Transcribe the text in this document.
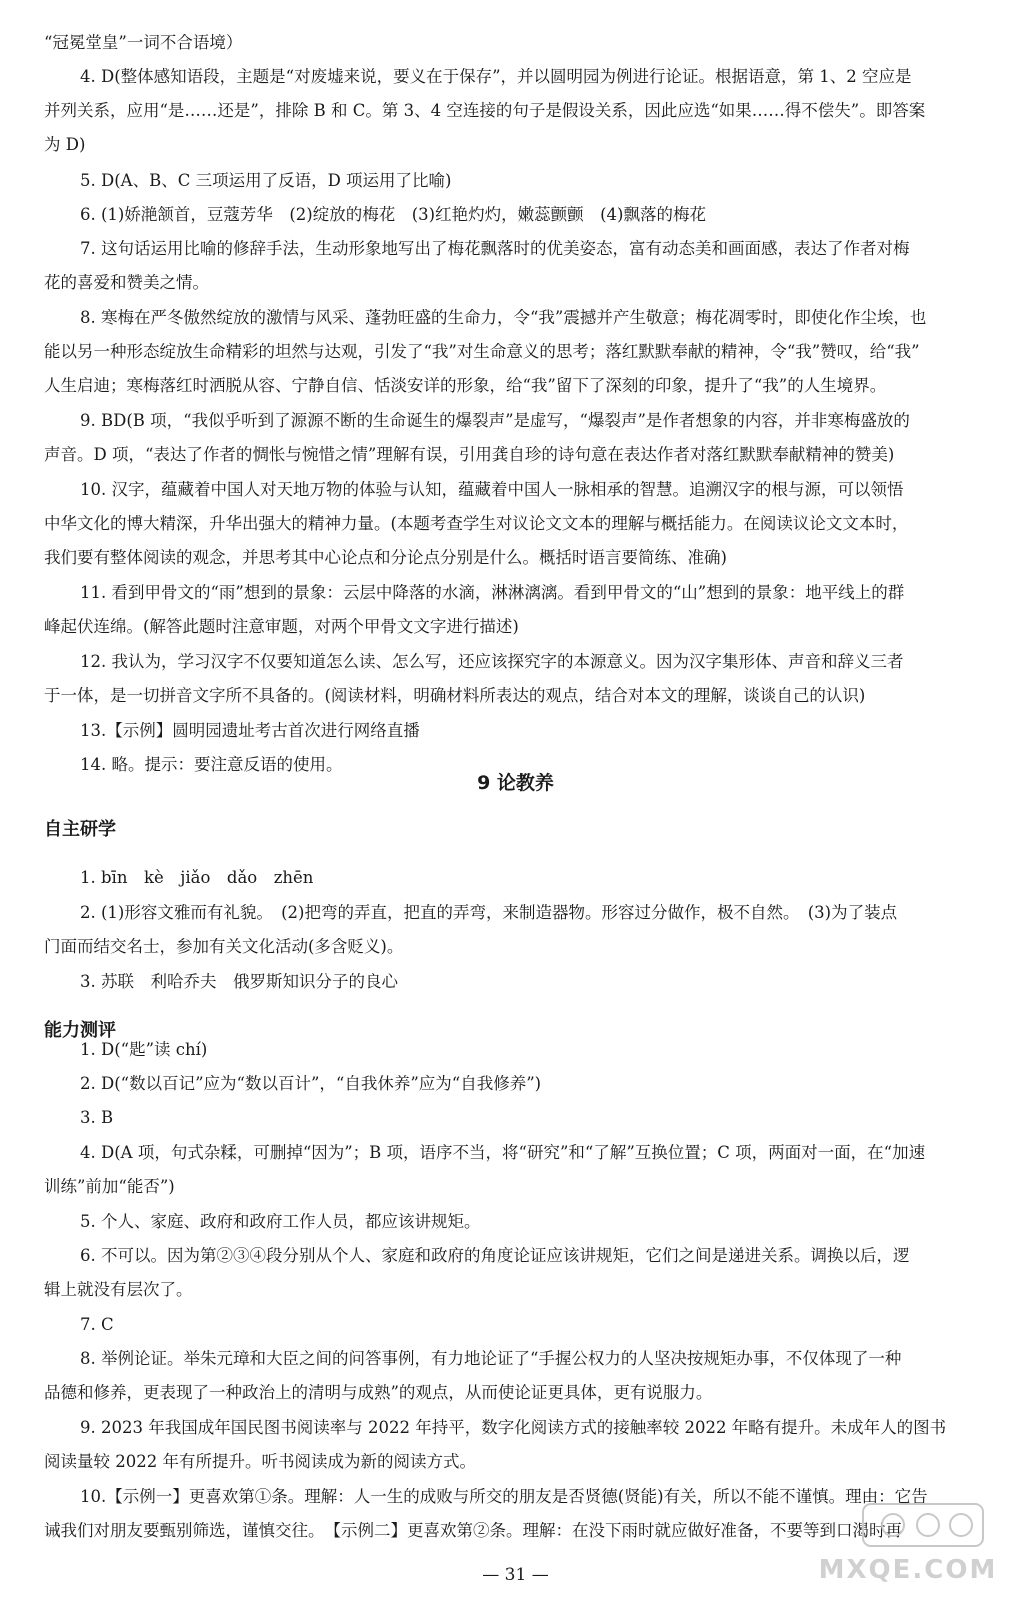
“冠冕堂皇”一词不合语境）
4. D(整体感知语段，主题是“对废墟来说，要义在于保存”，并以圆明园为例进行论证。根据语意，第 1、2 空应是
并列关系，应用“是……还是”，排除 B 和 C。第 3、4 空连接的句子是假设关系，因此应选“如果……得不偿失”。即答案
为 D)
5. D(A、B、C 三项运用了反语，D 项运用了比喻)
6. (1)娇滟颔首，豆蔻芳华　(2)绽放的梅花　(3)红艳灼灼，嫩蕊颤颤　(4)飘落的梅花
7. 这句话运用比喻的修辞手法，生动形象地写出了梅花飘落时的优美姿态，富有动态美和画面感，表达了作者对梅
花的喜爱和赞美之情。
8. 寒梅在严冬傲然绽放的激情与风采、蓬勃旺盛的生命力，令“我”震撼并产生敬意；梅花凋零时，即使化作尘埃，也
能以另一种形态绽放生命精彩的坦然与达观，引发了“我”对生命意义的思考；落红默默奉献的精神，令“我”赞叹，给“我”
人生启迪；寒梅落红时洒脱从容、宁静自信、恬淡安详的形象，给“我”留下了深刻的印象，提升了“我”的人生境界。
9. BD(B 项，“我似乎听到了源源不断的生命诞生的爆裂声”是虚写，“爆裂声”是作者想象的内容，并非寒梅盛放的
声音。D 项，“表达了作者的惆怅与惋惜之情”理解有误，引用龚自珍的诗句意在表达作者对落红默默奉献精神的赞美)
10. 汉字，蕴藏着中国人对天地万物的体验与认知，蕴藏着中国人一脉相承的智慧。追溯汉字的根与源，可以领悟
中华文化的博大精深，升华出强大的精神力量。(本题考查学生对议论文文本的理解与概括能力。在阅读议论文文本时，
我们要有整体阅读的观念，并思考其中心论点和分论点分别是什么。概括时语言要简练、准确)
11. 看到甲骨文的“雨”想到的景象：云层中降落的水滴，淋淋漓漓。看到甲骨文的“山”想到的景象：地平线上的群
峰起伏连绵。(解答此题时注意审题，对两个甲骨文文字进行描述)
12. 我认为，学习汉字不仅要知道怎么读、怎么写，还应该探究字的本源意义。因为汉字集形体、声音和辞义三者
于一体，是一切拼音文字所不具备的。(阅读材料，明确材料所表达的观点，结合对本文的理解，谈谈自己的认识)
13.【示例】圆明园遗址考古首次进行网络直播
14. 略。提示：要注意反语的使用。
9 论教养
自主研学
1. bīn　kè　jiǎo　dǎo　zhēn
2. (1)形容文雅而有礼貌。　(2)把弯的弄直，把直的弄弯，来制造器物。形容过分做作，极不自然。　(3)为了装点
门面而结交名士，参加有关文化活动(多含贬义)。
3. 苏联　利哈乔夫　俄罗斯知识分子的良心
能力测评
1. D(“匙”读 chí)
2. D(“数以百记”应为“数以百计”，“自我休养”应为“自我修养”)
3. B
4. D(A 项，句式杂糅，可删掉“因为”；B 项，语序不当，将“研究”和“了解”互换位置；C 项，两面对一面，在“加速
训练”前加“能否”)
5. 个人、家庭、政府和政府工作人员，都应该讲规矩。
6. 不可以。因为第②③④段分别从个人、家庭和政府的角度论证应该讲规矩，它们之间是递进关系。调换以后，逻
辑上就没有层次了。
7. C
8. 举例论证。举朱元璋和大臣之间的问答事例，有力地论证了“手握公权力的人坚决按规矩办事，不仅体现了一种
品德和修养，更表现了一种政治上的清明与成熟”的观点，从而使论证更具体，更有说服力。
9. 2023 年我国成年国民图书阅读率与 2022 年持平，数字化阅读方式的接触率较 2022 年略有提升。未成年人的图书
阅读量较 2022 年有所提升。听书阅读成为新的阅读方式。
10.【示例一】更喜欢第①条。理解：人一生的成败与所交的朋友是否贤德(贤能)有关，所以不能不谨慎。理由：它告
诫我们对朋友要甄别筛选，谨慎交往。　【示例二】更喜欢第②条。理解：在没下雨时就应做好准备，不要等到口渴时再
— 31 —	MXQE.COM
